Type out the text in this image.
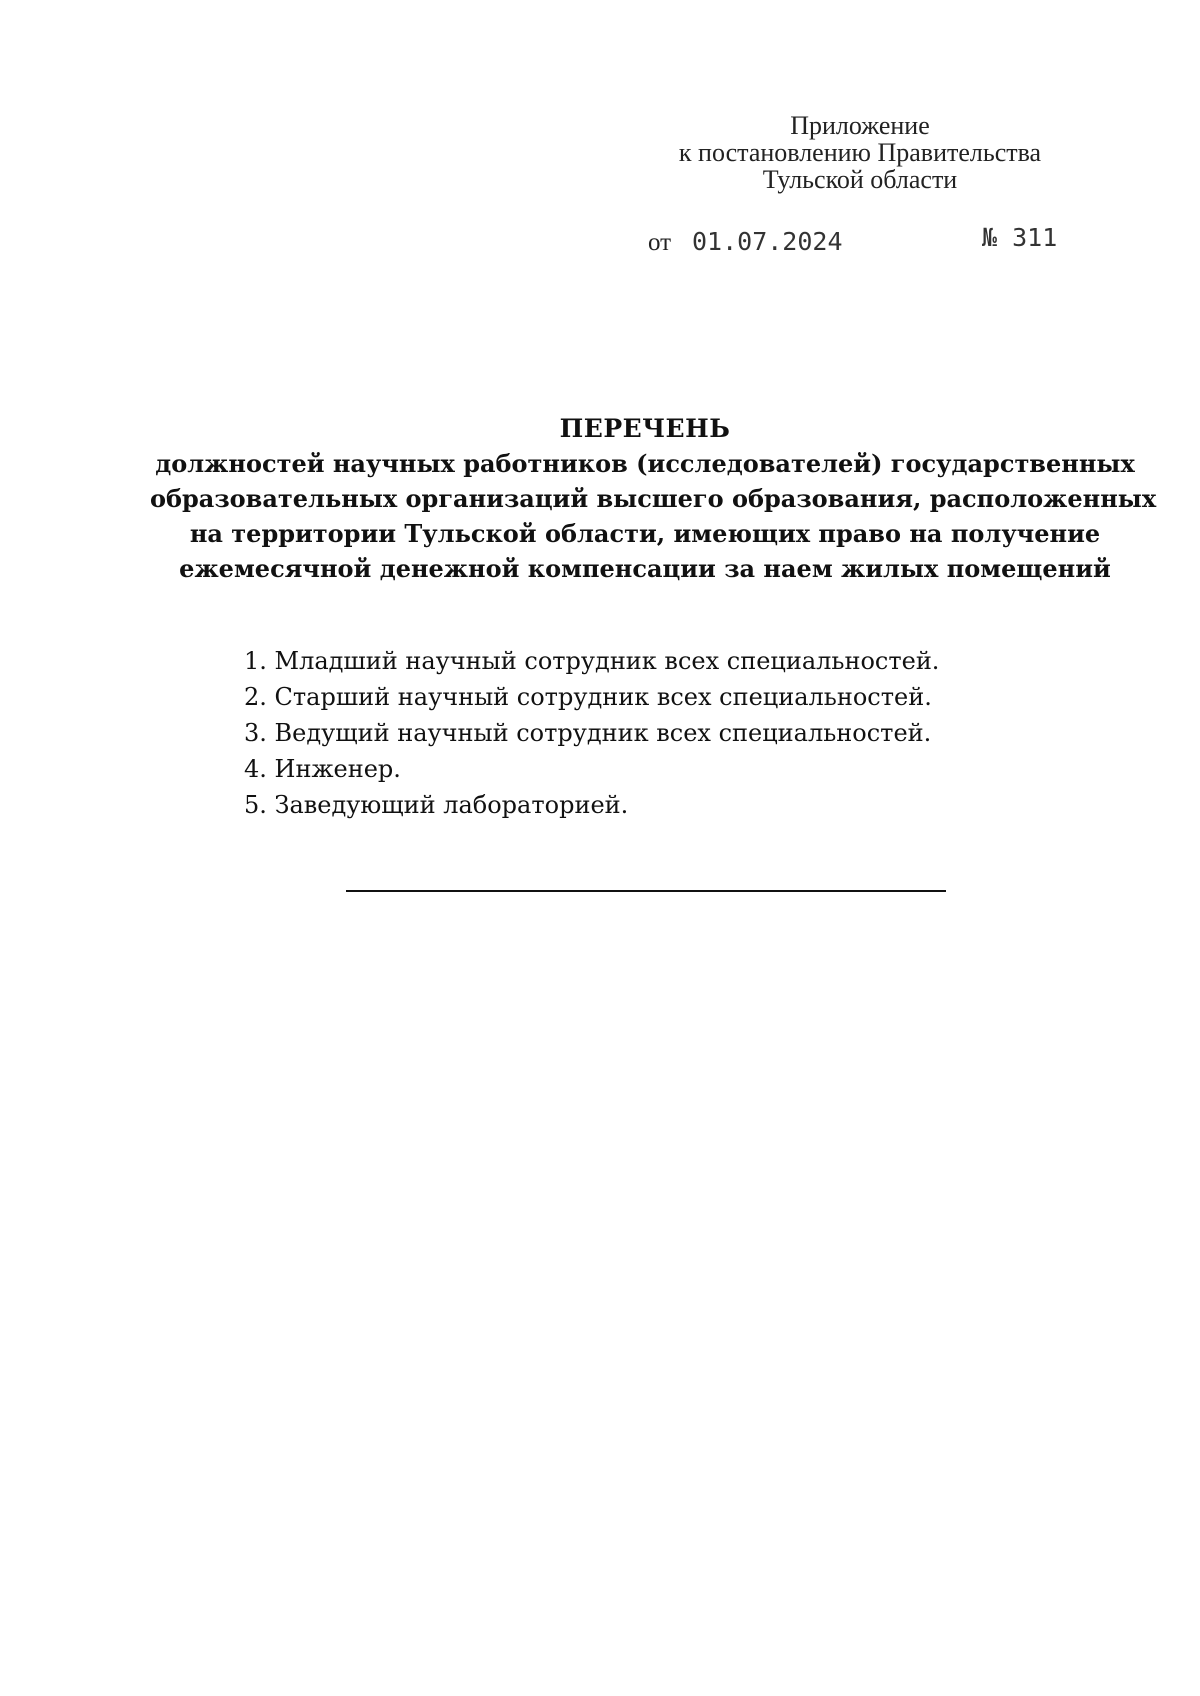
Приложение
к постановлению Правительства
Тульской области
от 01.07.2024	№ 311
ПЕРЕЧЕНЬ
должностей научных работников (исследователей) государственных
образовательных организаций высшего образования, расположенных
на территории Тульской области, имеющих право на получение
ежемесячной денежной компенсации за наем жилых помещений
1. Младший научный сотрудник всех специальностей.
2. Старший научный сотрудник всех специальностей.
3. Ведущий научный сотрудник всех специальностей.
4. Инженер.
5. Заведующий лабораторией.
